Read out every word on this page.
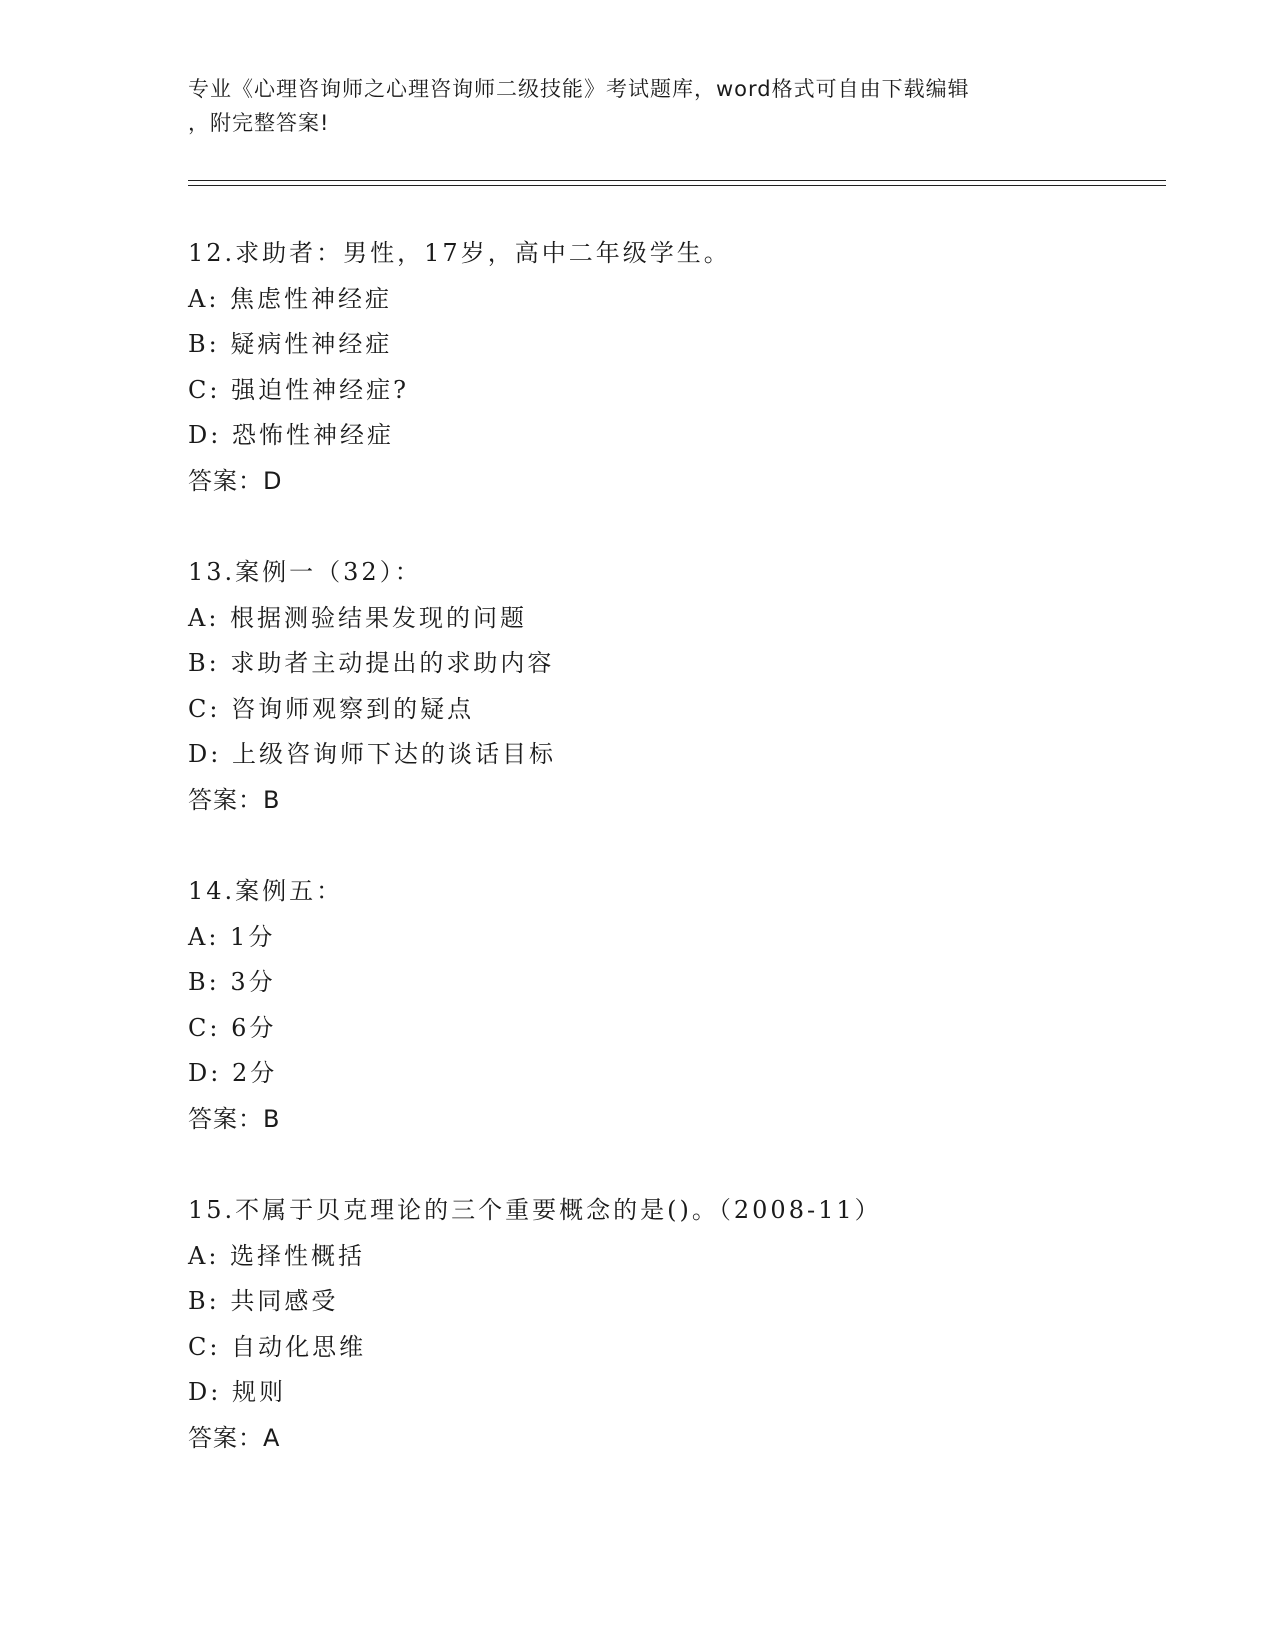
专业《心理咨询师之心理咨询师二级技能》考试题库，word格式可自由下载编辑
，附完整答案!
12.求助者：男性，17岁，高中二年级学生。
A: 焦虑性神经症
B: 疑病性神经症
C: 强迫性神经症?
D: 恐怖性神经症
答案：D
13.案例一（32）：
A: 根据测验结果发现的问题
B: 求助者主动提出的求助内容
C: 咨询师观察到的疑点
D: 上级咨询师下达的谈话目标
答案：B
14.案例五：
A: 1分
B: 3分
C: 6分
D: 2分
答案：B
15.不属于贝克理论的三个重要概念的是()。（2008-11）
A: 选择性概括
B: 共同感受
C: 自动化思维
D: 规则
答案：A
